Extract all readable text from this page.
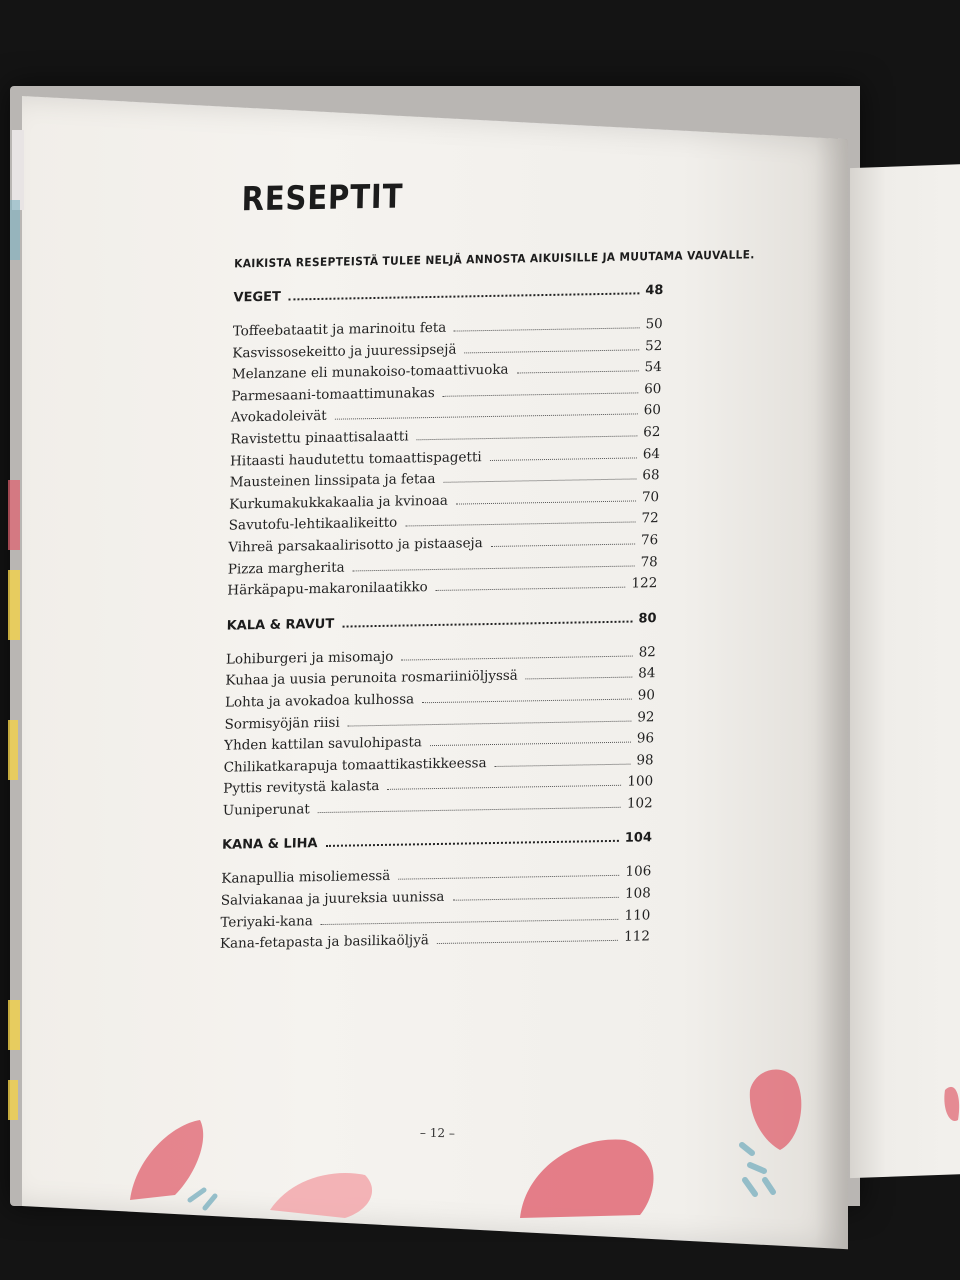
RESEPTIT
KAIKISTA RESEPTEISTÄ TULEE NELJÄ ANNOSTA AIKUISILLE JA MUUTAMA VAUVALLE.
VEGET	48
Toffeebataatit ja marinoitu feta	50
Kasvissosekeitto ja juuressipsejä	52
Melanzane eli munakoiso-tomaattivuoka	54
Parmesaani-tomaattimunakas	60
Avokadoleivät	60
Ravistettu pinaattisalaatti	62
Hitaasti haudutettu tomaattispagetti	64
Mausteinen linssipata ja fetaa	68
Kurkumakukkakaalia ja kvinoaa	70
Savutofu-lehtikaalikeitto	72
Vihreä parsakaalirisotto ja pistaaseja	76
Pizza margherita	78
Härkäpapu-makaronilaatikko	122
KALA & RAVUT	80
Lohiburgeri ja misomajo	82
Kuhaa ja uusia perunoita rosmariiniöljyssä	84
Lohta ja avokadoa kulhossa	90
Sormisyöjän riisi	92
Yhden kattilan savulohipasta	96
Chilikatkarapuja tomaattikastikkeessa	98
Pyttis revitystä kalasta	100
Uuniperunat	102
KANA & LIHA	104
Kanapullia misoliemessä	106
Salviakanaa ja juureksia uunissa	108
Teriyaki-kana	110
Kana-fetapasta ja basilikaöljyä	112
– 12 –
